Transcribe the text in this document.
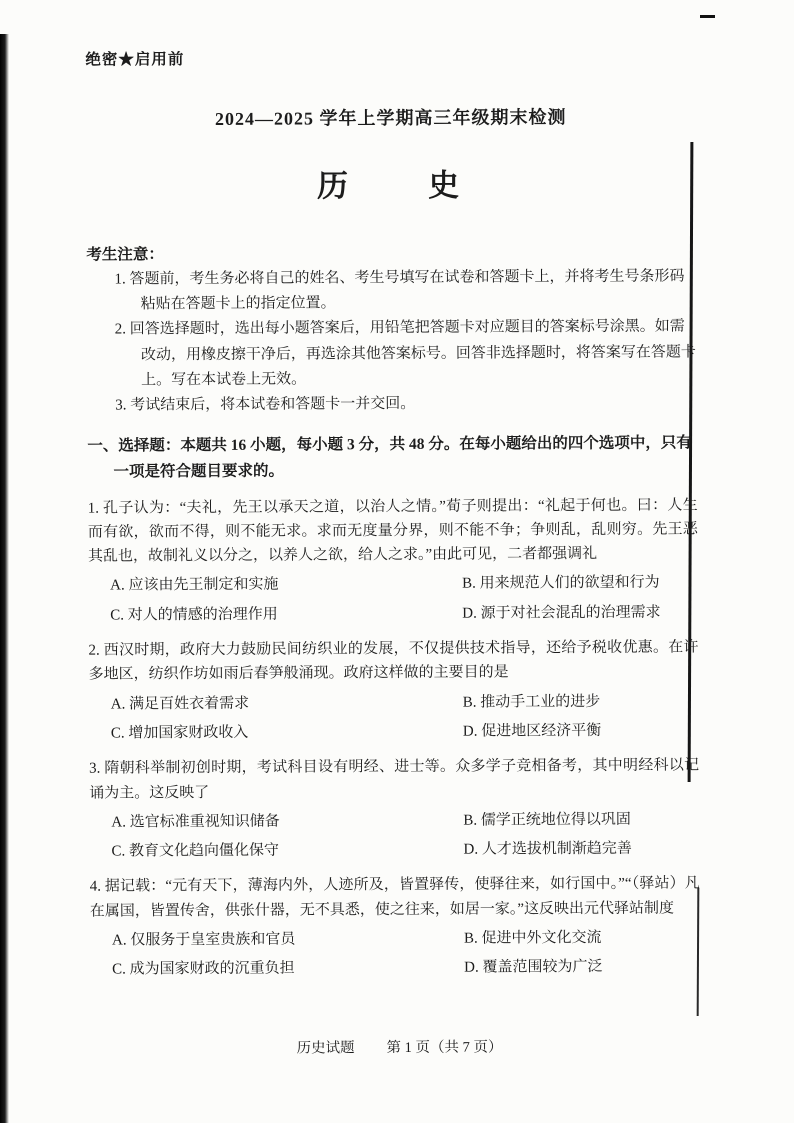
绝密★启用前
2024—2025 学年上学期高三年级期末检测
历　　史
考生注意：
1. 答题前，考生务必将自己的姓名、考生号填写在试卷和答题卡上，并将考生号条形码粘贴在答题卡上的指定位置。
2. 回答选择题时，选出每小题答案后，用铅笔把答题卡对应题目的答案标号涂黑。如需改动，用橡皮擦干净后，再选涂其他答案标号。回答非选择题时，将答案写在答题卡上。写在本试卷上无效。
3. 考试结束后，将本试卷和答题卡一并交回。
一、选择题：本题共 16 小题，每小题 3 分，共 48 分。在每小题给出的四个选项中，只有一项是符合题目要求的。

1. 孔子认为：“夫礼，先王以承天之道，以治人之情。”荀子则提出：“礼起于何也。曰：人生而有欲，欲而不得，则不能无求。求而无度量分界，则不能不争；争则乱，乱则穷。先王恶其乱也，故制礼义以分之，以养人之欲，给人之求。”由此可见，二者都强调礼

A. 应该由先王制定和实施	B. 用来规范人们的欲望和行为
C. 对人的情感的治理作用	D. 源于对社会混乱的治理需求

2. 西汉时期，政府大力鼓励民间纺织业的发展，不仅提供技术指导，还给予税收优惠。在许多地区，纺织作坊如雨后春笋般涌现。政府这样做的主要目的是

A. 满足百姓衣着需求	B. 推动手工业的进步
C. 增加国家财政收入	D. 促进地区经济平衡

3. 隋朝科举制初创时期，考试科目设有明经、进士等。众多学子竞相备考，其中明经科以记诵为主。这反映了

A. 选官标准重视知识储备	B. 儒学正统地位得以巩固
C. 教育文化趋向僵化保守	D. 人才选拔机制渐趋完善

4. 据记载：“元有天下，薄海内外，人迹所及，皆置驿传，使驿往来，如行国中。”“（驿站）凡在属国，皆置传舍，供张什器，无不具悉，使之往来，如居一家。”这反映出元代驿站制度

A. 仅服务于皇室贵族和官员	B. 促进中外文化交流
C. 成为国家财政的沉重负担	D. 覆盖范围较为广泛
历史试题 第 1 页（共 7 页）
